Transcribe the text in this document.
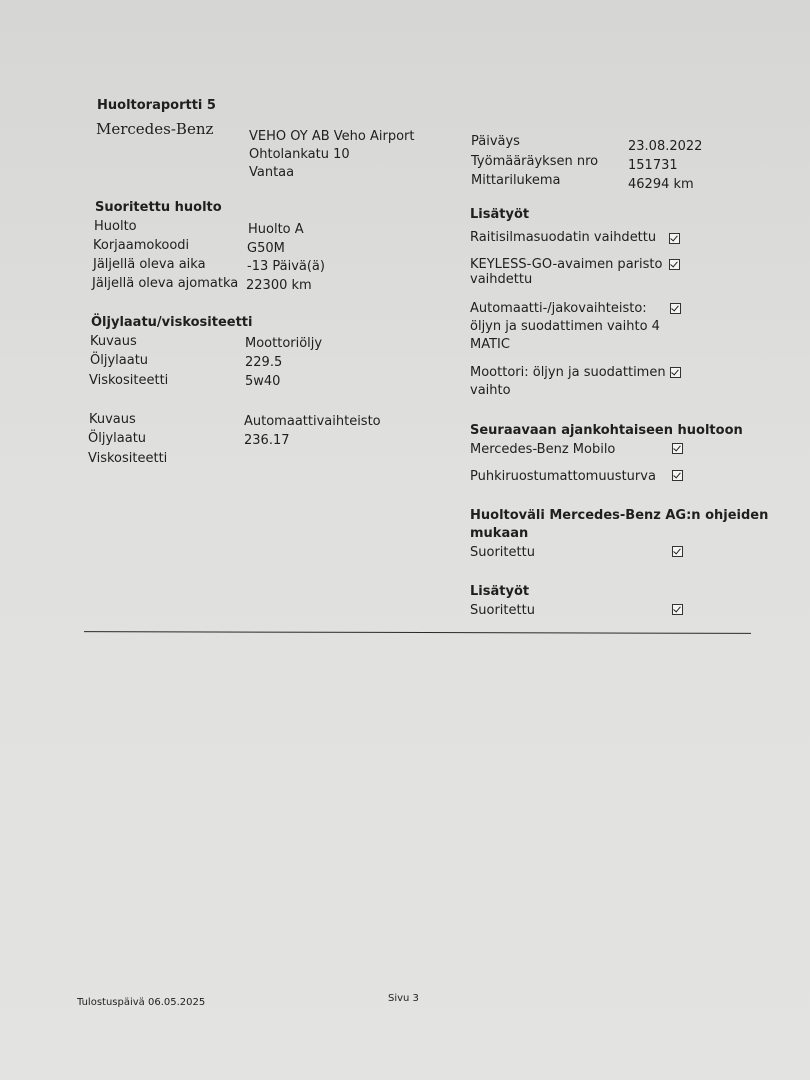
Huoltoraportti 5
Mercedes-Benz	VEHO OY AB Veho Airport
Ohtolankatu 10
Vantaa
Päiväys	23.08.2022
Työmääräyksen nro 151731
Mittarilukema	46294 km
Suoritettu huolto
Huolto	Huolto A
Korjaamokoodi	G50M
Jäljellä oleva aika	-13 Päivä(ä)
Jäljellä oleva ajomatka 22300 km
Öljylaatu/viskositeetti
Kuvaus	Moottoriöljy
Öljylaatu	229.5
Viskositeetti	5w40
Kuvaus	Automaattivaihteisto
Öljylaatu	236.17
Viskositeetti
Lisätyöt
Raitisilmasuodatin vaihdettu
KEYLESS-GO-avaimen paristo
vaihdettu
Automaatti-/jakovaihteisto:
öljyn ja suodattimen vaihto 4
MATIC
Moottori: öljyn ja suodattimen
vaihto
Seuraavaan ajankohtaiseen huoltoon
Mercedes-Benz Mobilo
Puhkiruostumattomuusturva
Huoltoväli Mercedes-Benz AG:n ohjeiden
mukaan
Suoritettu
Lisätyöt
Suoritettu
Tulostuspäivä 06.05.2025	Sivu 3
